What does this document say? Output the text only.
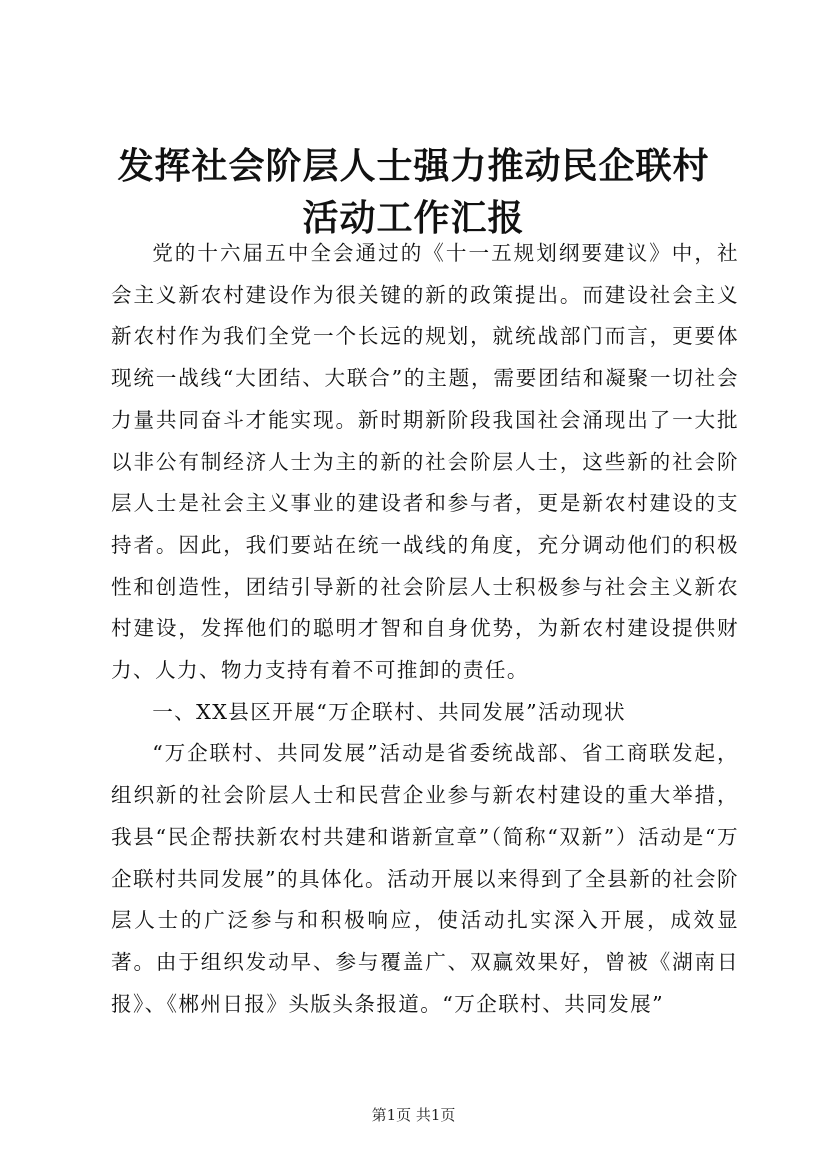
发挥社会阶层人士强力推动民企联村活动工作汇报

党的十六届五中全会通过的《十一五规划纲要建议》中，社会主义新农村建设作为很关键的新的政策提出。而建设社会主义新农村作为我们全党一个长远的规划，就统战部门而言，更要体现统一战线“大团结、大联合”的主题，需要团结和凝聚一切社会力量共同奋斗才能实现。新时期新阶段我国社会涌现出了一大批以非公有制经济人士为主的新的社会阶层人士，这些新的社会阶层人士是社会主义事业的建设者和参与者，更是新农村建设的支持者。因此，我们要站在统一战线的角度，充分调动他们的积极性和创造性，团结引导新的社会阶层人士积极参与社会主义新农村建设，发挥他们的聪明才智和自身优势，为新农村建设提供财力、人力、物力支持有着不可推卸的责任。

一、XX县区开展“万企联村、共同发展”活动现状

“万企联村、共同发展”活动是省委统战部、省工商联发起，组织新的社会阶层人士和民营企业参与新农村建设的重大举措，我县“民企帮扶新农村共建和谐新宣章”（简称“双新”）活动是“万企联村共同发展”的具体化。活动开展以来得到了全县新的社会阶层人士的广泛参与和积极响应，使活动扎实深入开展，成效显著。由于组织发动早、参与覆盖广、双赢效果好，曾被《湖南日报》、《郴州日报》头版头条报道。“万企联村、共同发展”

第1页 共1页
